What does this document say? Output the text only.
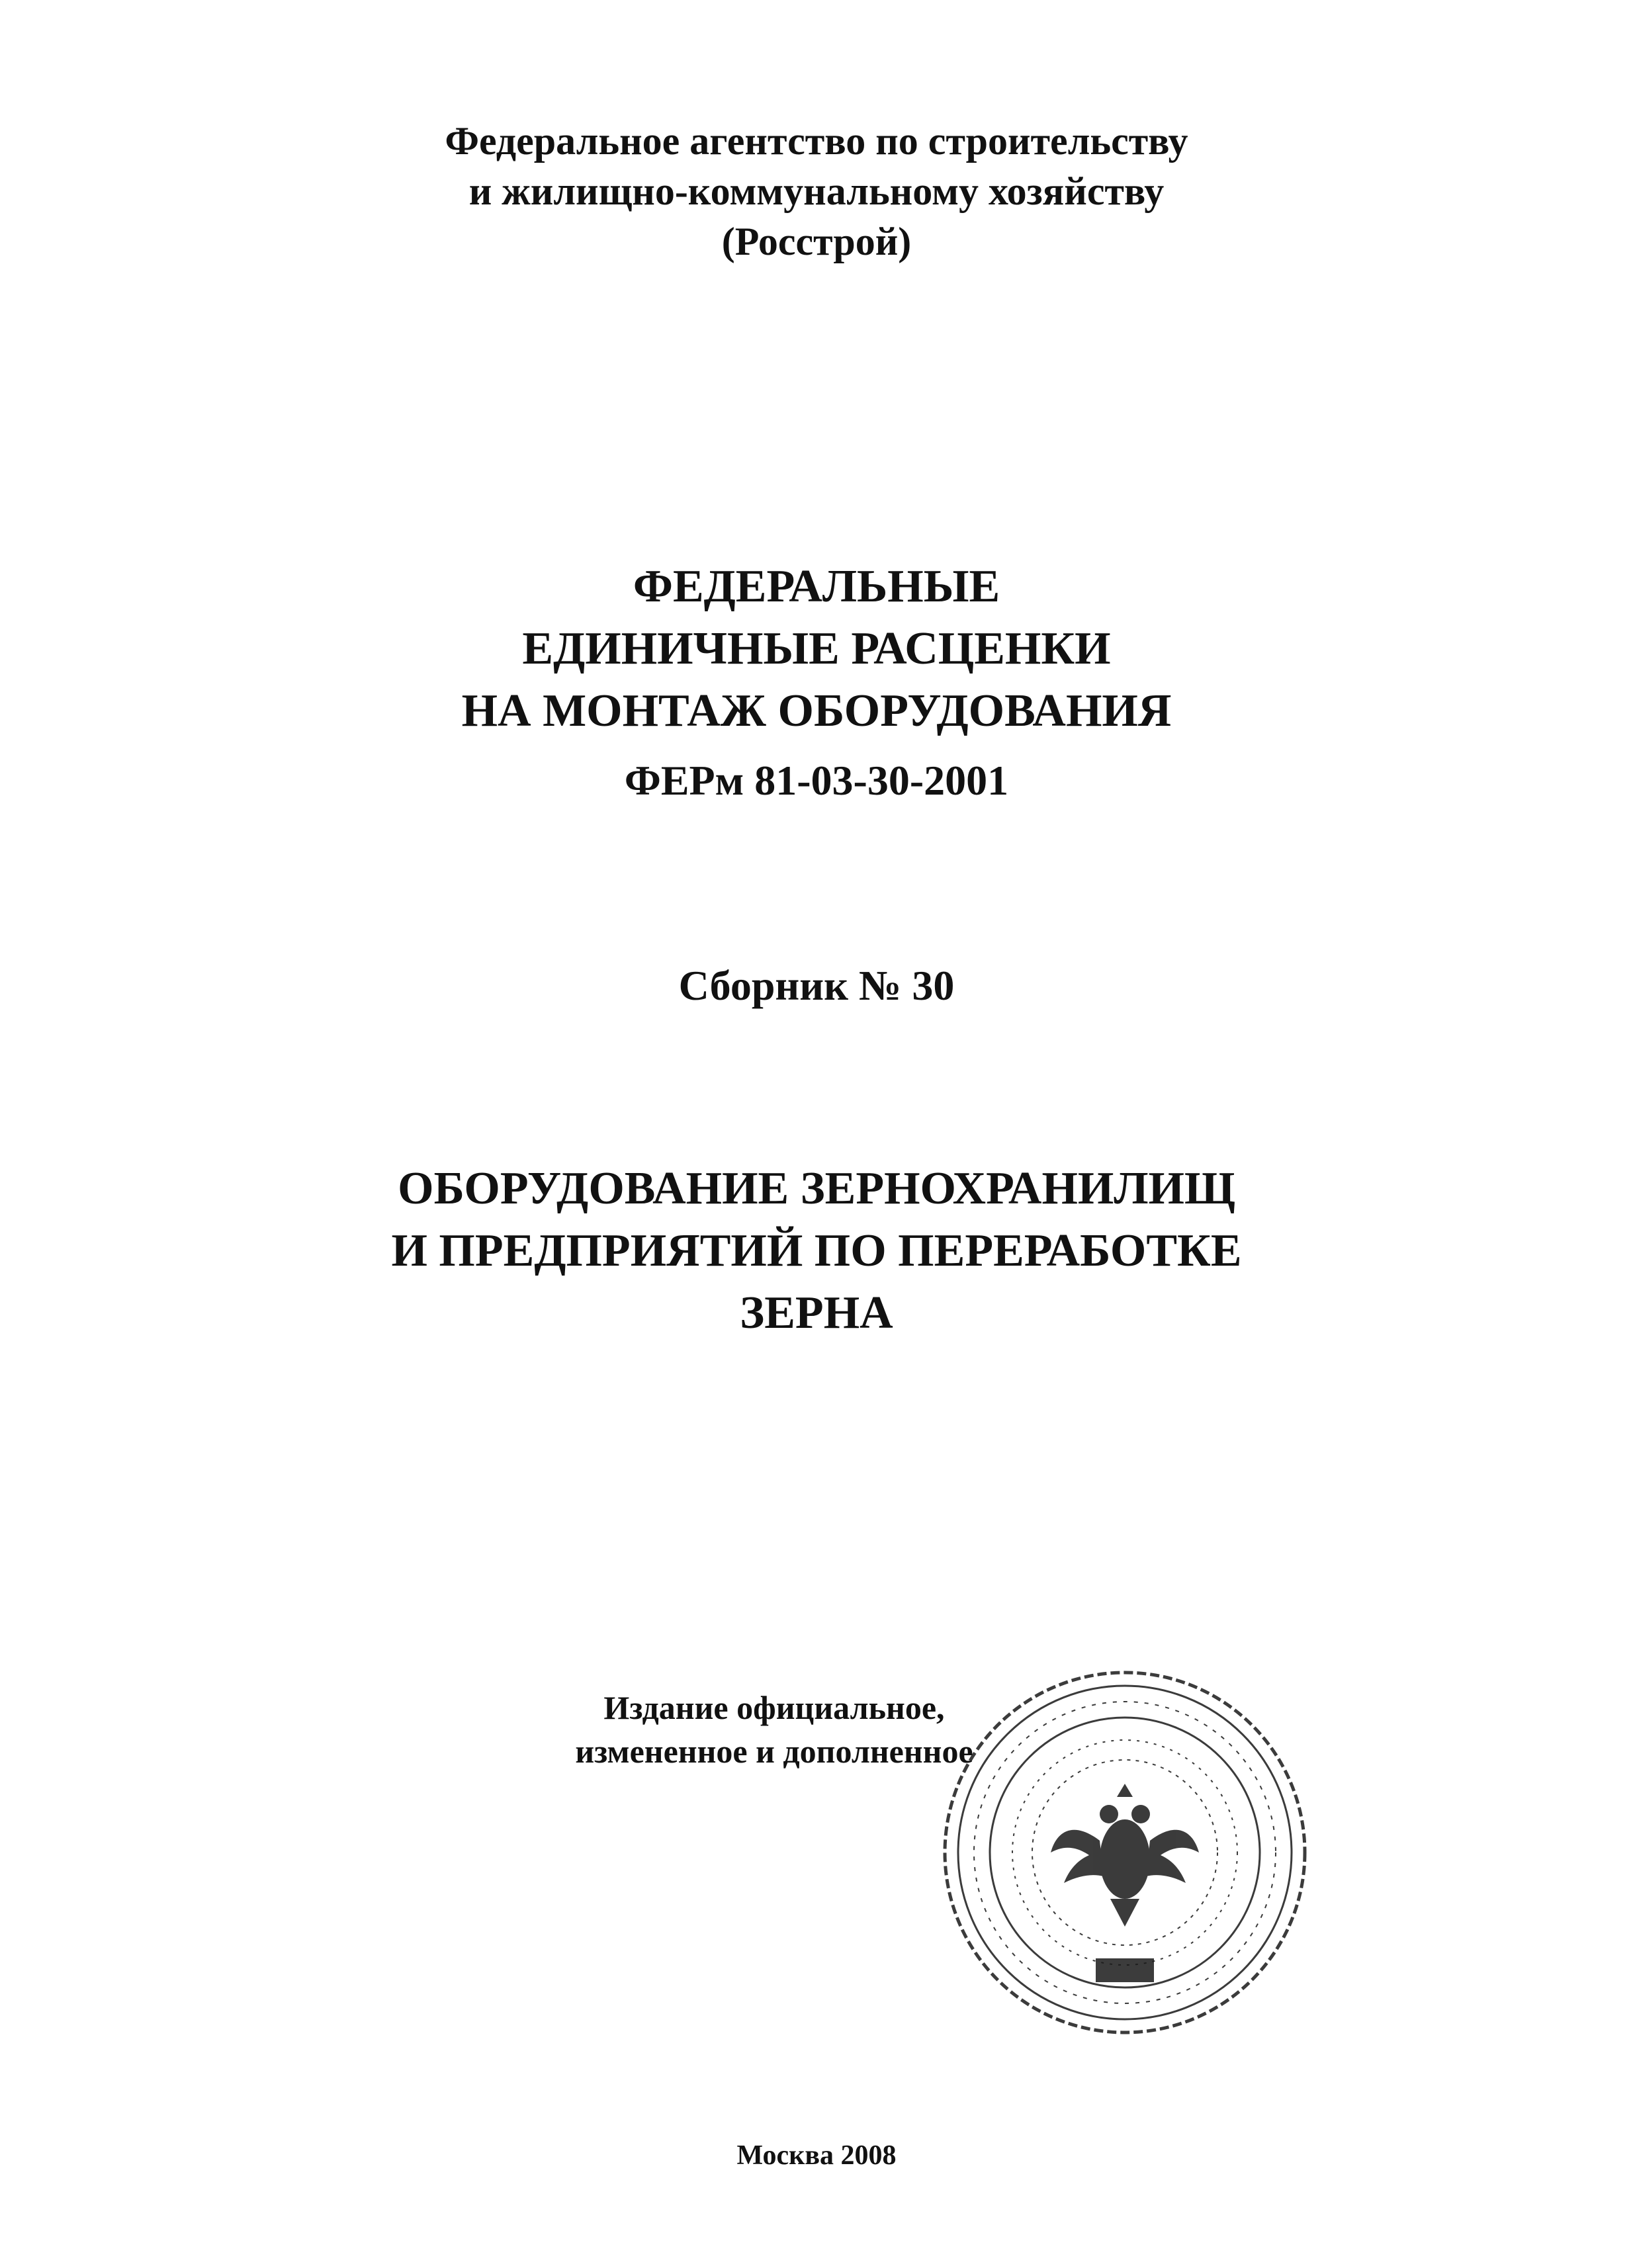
Федеральное агентство по строительству
и жилищно-коммунальному хозяйству
(Росстрой)
ФЕДЕРАЛЬНЫЕ
ЕДИНИЧНЫЕ РАСЦЕНКИ
НА МОНТАЖ ОБОРУДОВАНИЯ
ФЕРм 81-03-30-2001
Сборник № 30
ОБОРУДОВАНИЕ ЗЕРНОХРАНИЛИЩ
И ПРЕДПРИЯТИЙ ПО ПЕРЕРАБОТКЕ
ЗЕРНА
Издание официальное,
измененное и дополненное
Москва 2008
